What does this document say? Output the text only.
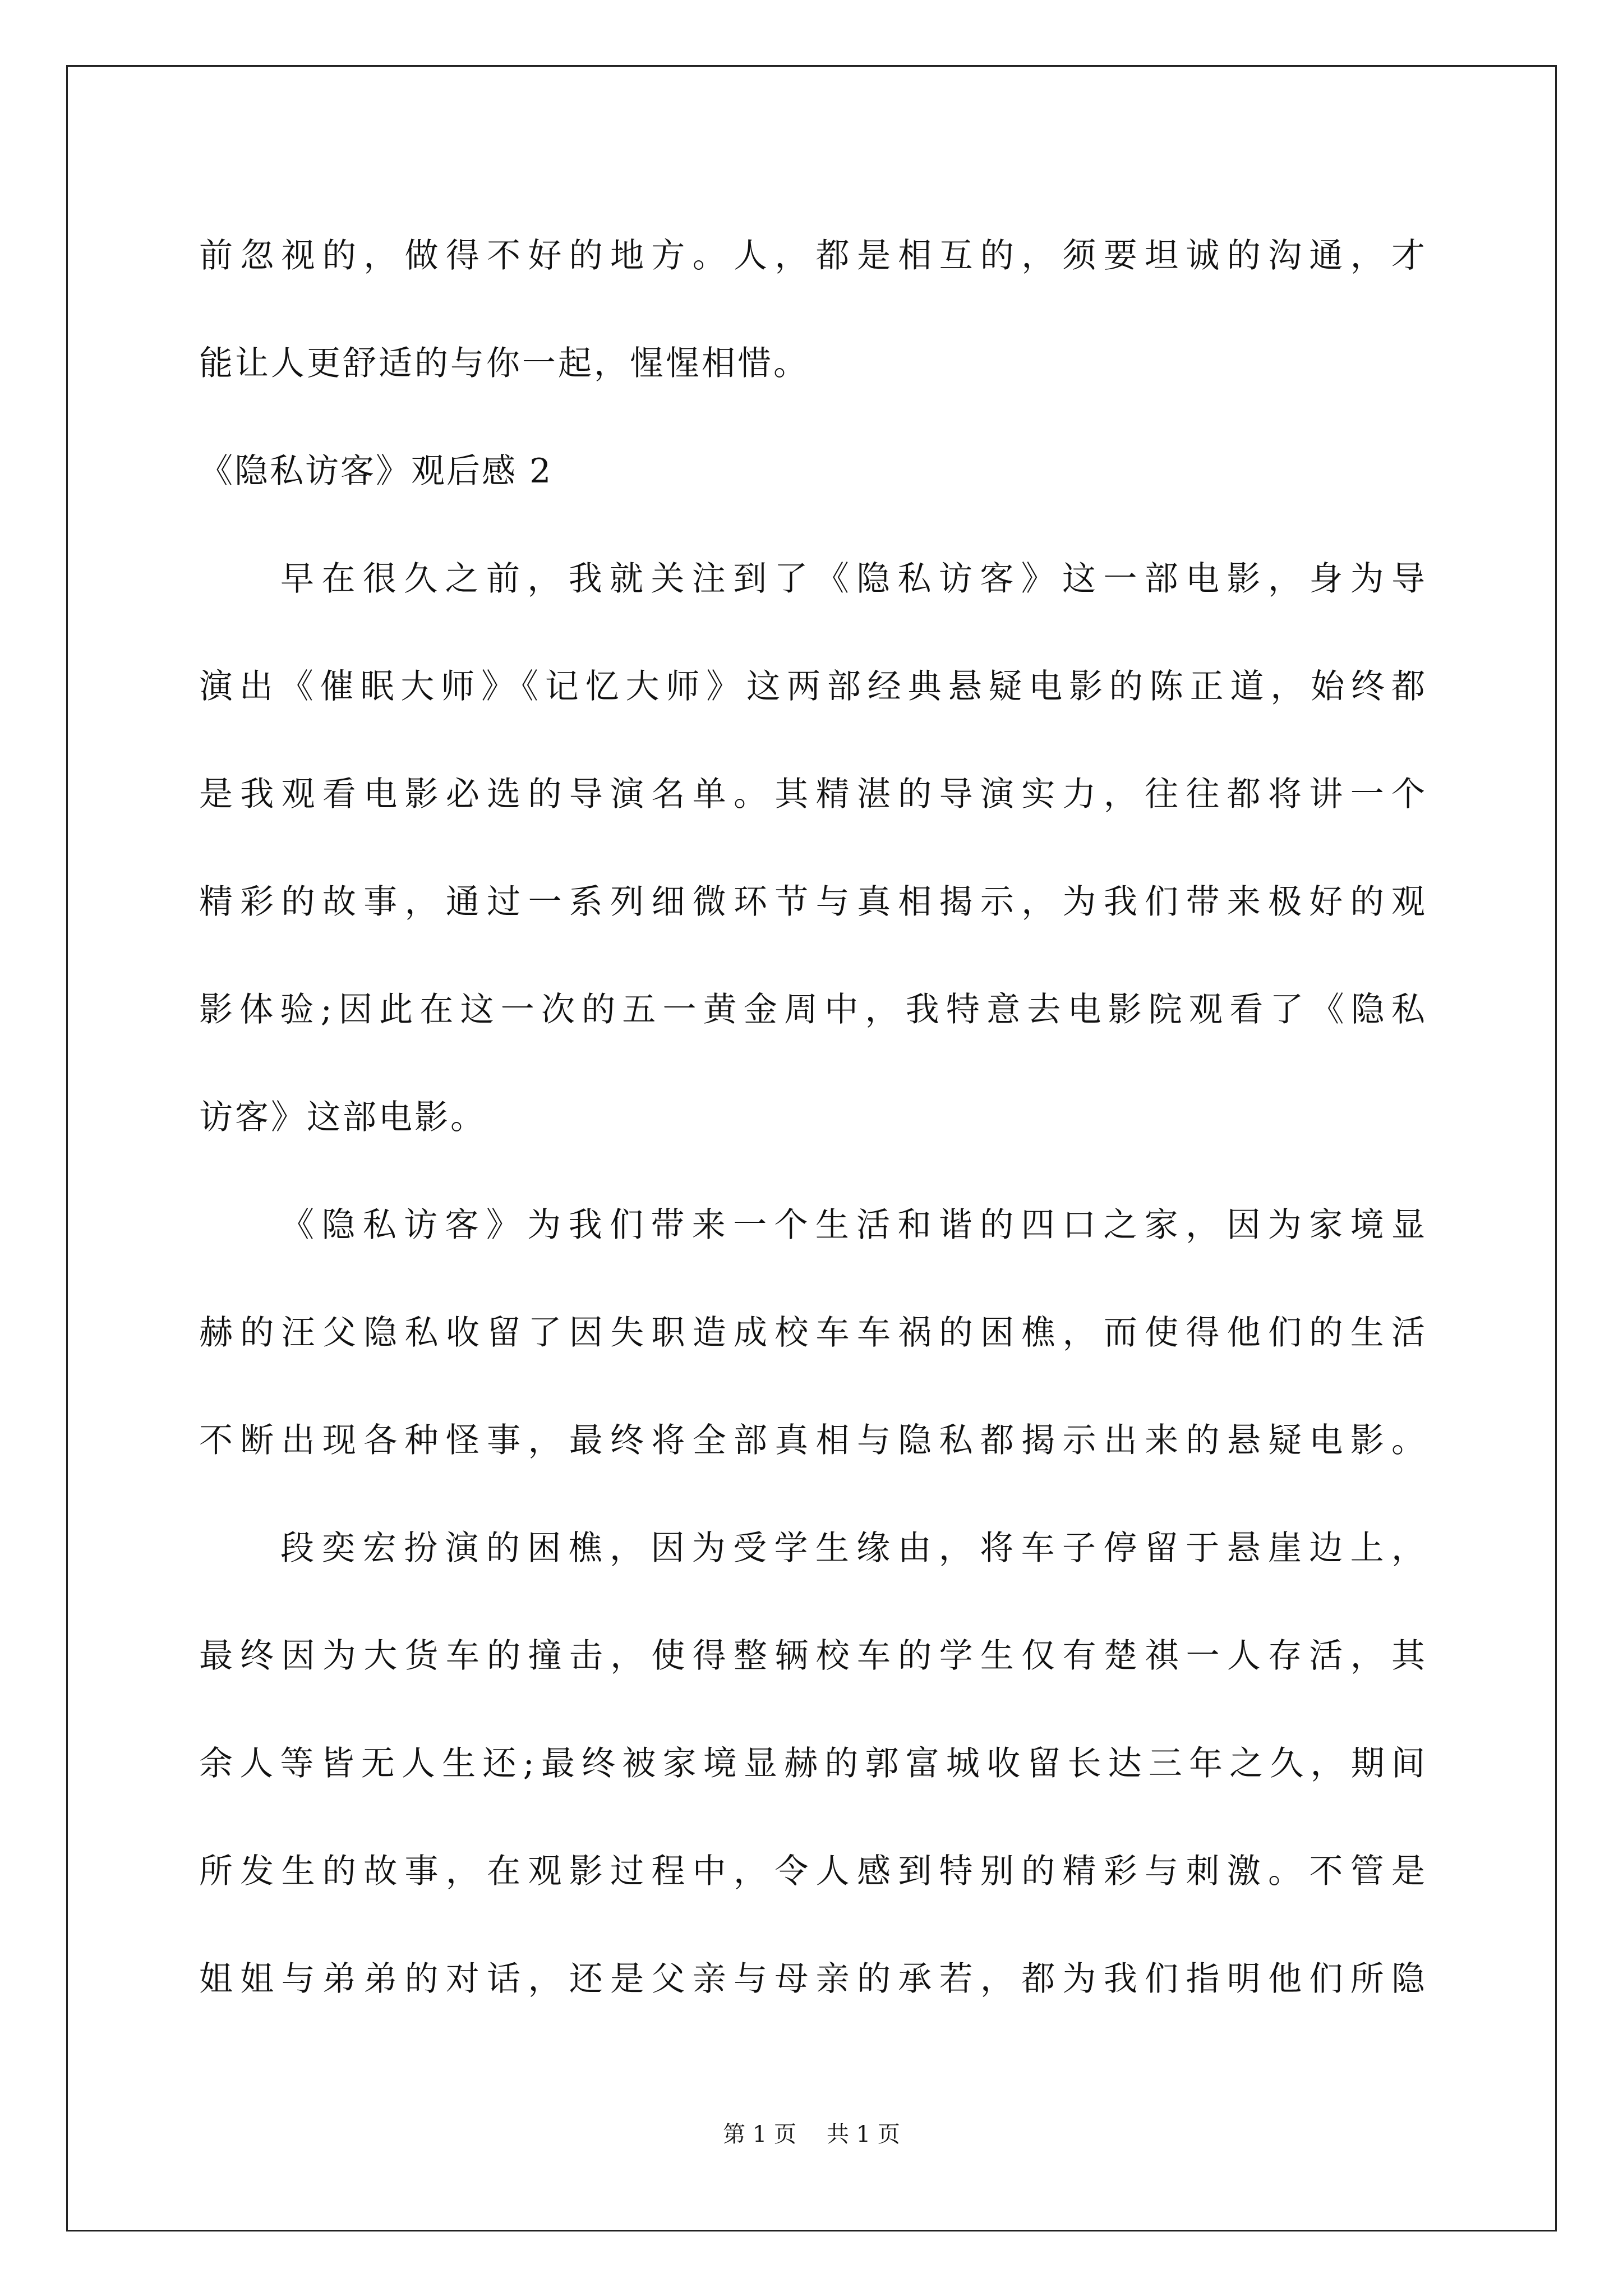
前忽视的，做得不好的地方。人，都是相互的，须要坦诚的沟通，才
能让人更舒适的与你一起，惺惺相惜。
《隐私访客》观后感 2
早在很久之前，我就关注到了《隐私访客》这一部电影，身为导
演出《催眠大师》《记忆大师》这两部经典悬疑电影的陈正道，始终都
是我观看电影必选的导演名单。其精湛的导演实力，往往都将讲一个
精彩的故事，通过一系列细微环节与真相揭示，为我们带来极好的观
影体验;因此在这一次的五一黄金周中，我特意去电影院观看了《隐私
访客》这部电影。
《隐私访客》为我们带来一个生活和谐的四口之家，因为家境显
赫的汪父隐私收留了因失职造成校车车祸的困樵，而使得他们的生活
不断出现各种怪事，最终将全部真相与隐私都揭示出来的悬疑电影。
段奕宏扮演的困樵，因为受学生缘由，将车子停留于悬崖边上，
最终因为大货车的撞击，使得整辆校车的学生仅有楚祺一人存活，其
余人等皆无人生还;最终被家境显赫的郭富城收留长达三年之久，期间
所发生的故事，在观影过程中，令人感到特别的精彩与刺激。不管是
姐姐与弟弟的对话，还是父亲与母亲的承若，都为我们指明他们所隐
第 1 页 共 1 页
